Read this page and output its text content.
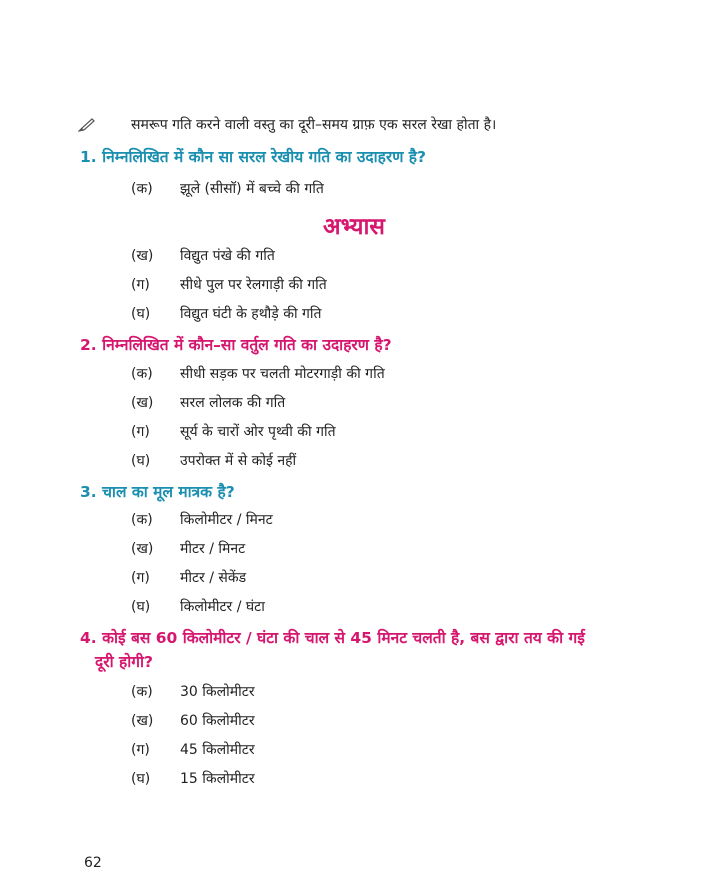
समरूप गति करने वाली वस्तु का दूरी–समय ग्राफ़ एक सरल रेखा होता है।
1. निम्नलिखित में कौन सा सरल रेखीय गति का उदाहरण है?
(क) झूले (सीसॉ) में बच्चे की गति
अभ्यास
(ख) विद्युत पंखे की गति
(ग) सीधे पुल पर रेलगाड़ी की गति
(घ) विद्युत घंटी के हथौड़े की गति
2. निम्नलिखित में कौन–सा वर्तुल गति का उदाहरण है?
(क) सीधी सड़क पर चलती मोटरगाड़ी की गति
(ख) सरल लोलक की गति
(ग) सूर्य के चारों ओर पृथ्वी की गति
(घ) उपरोक्त में से कोई नहीं
3. चाल का मूल मात्रक है?
(क) किलोमीटर / मिनट
(ख) मीटर / मिनट
(ग) मीटर / सेकेंड
(घ) किलोमीटर / घंटा
4. कोई बस 60 किलोमीटर / घंटा की चाल से 45 मिनट चलती है, बस द्वारा तय की गई
दूरी होगी?
(क) 30 किलोमीटर
(ख) 60 किलोमीटर
(ग) 45 किलोमीटर
(घ) 15 किलोमीटर
62
